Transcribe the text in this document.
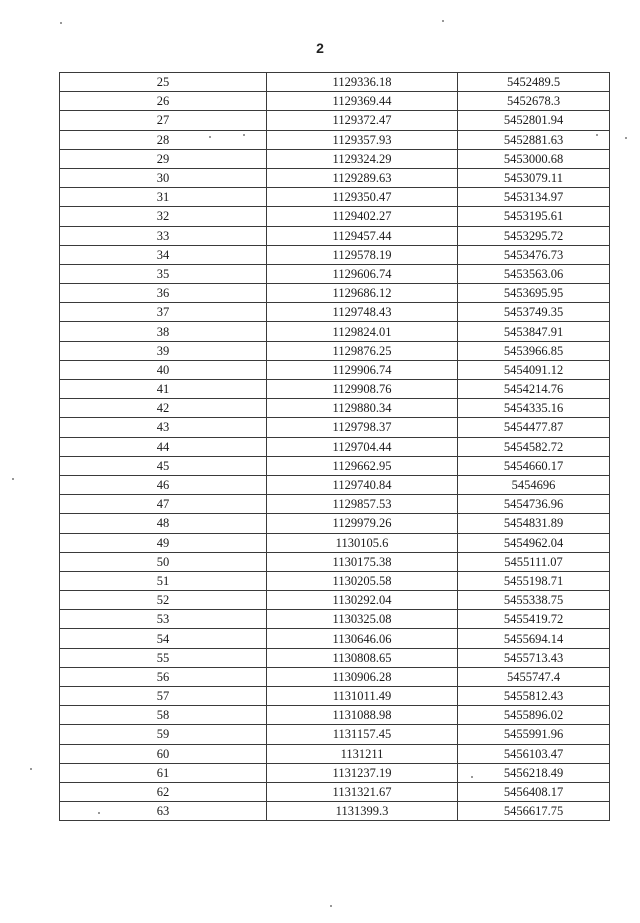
2
25	1129336.18	5452489.5
26	1129369.44	5452678.3
27	1129372.47	5452801.94
28	1129357.93	5452881.63
29	1129324.29	5453000.68
30	1129289.63	5453079.11
31	1129350.47	5453134.97
32	1129402.27	5453195.61
33	1129457.44	5453295.72
34	1129578.19	5453476.73
35	1129606.74	5453563.06
36	1129686.12	5453695.95
37	1129748.43	5453749.35
38	1129824.01	5453847.91
39	1129876.25	5453966.85
40	1129906.74	5454091.12
41	1129908.76	5454214.76
42	1129880.34	5454335.16
43	1129798.37	5454477.87
44	1129704.44	5454582.72
45	1129662.95	5454660.17
46	1129740.84	5454696
47	1129857.53	5454736.96
48	1129979.26	5454831.89
49	1130105.6	5454962.04
50	1130175.38	5455111.07
51	1130205.58	5455198.71
52	1130292.04	5455338.75
53	1130325.08	5455419.72
54	1130646.06	5455694.14
55	1130808.65	5455713.43
56	1130906.28	5455747.4
57	1131011.49	5455812.43
58	1131088.98	5455896.02
59	1131157.45	5455991.96
60	1131211	5456103.47
61	1131237.19	5456218.49
62	1131321.67	5456408.17
63	1131399.3	5456617.75
